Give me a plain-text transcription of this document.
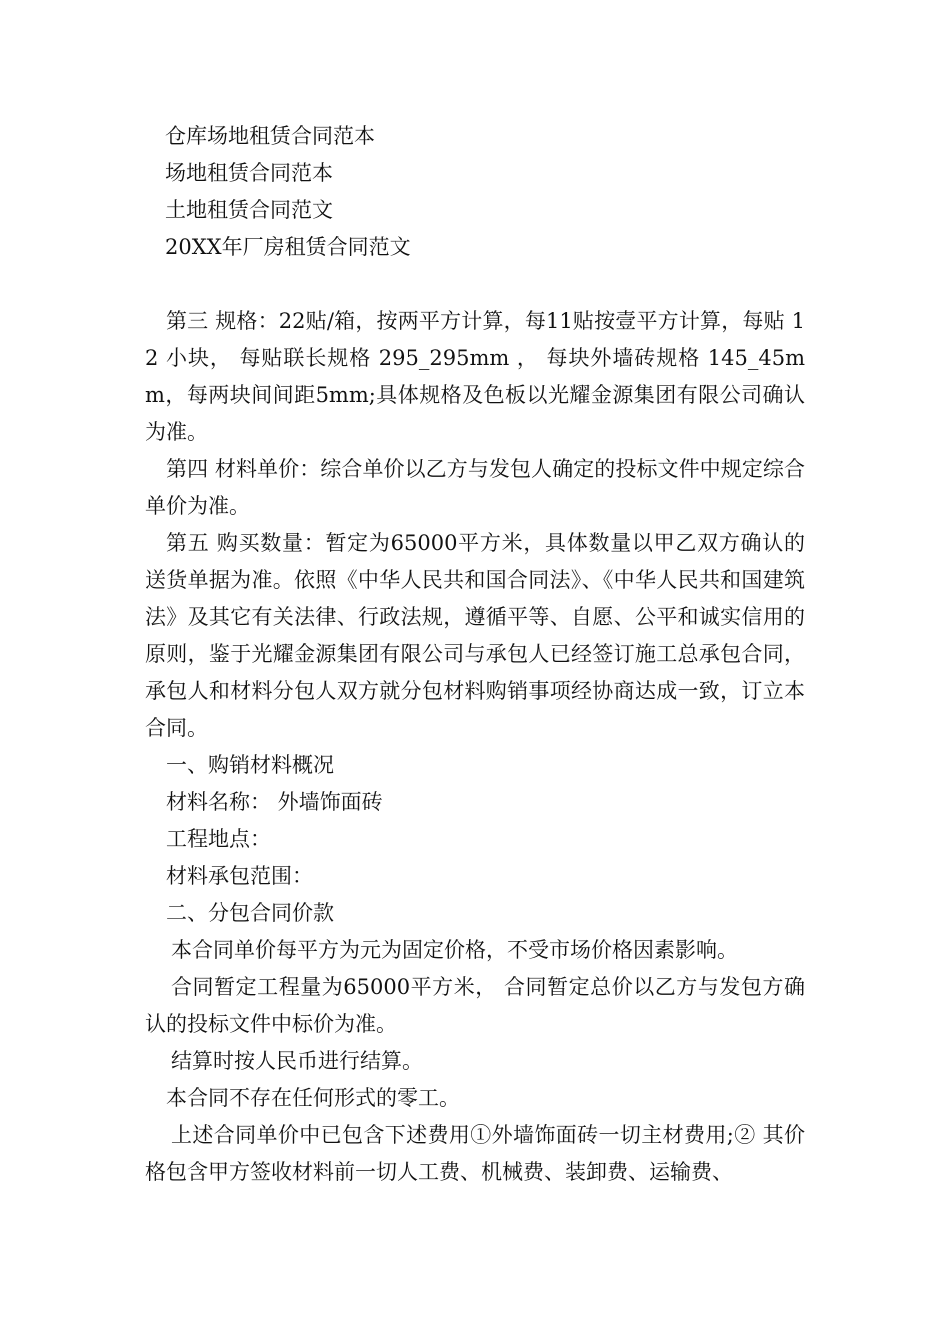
仓库场地租赁合同范本
场地租赁合同范本
土地租赁合同范文
20XX年厂房租赁合同范文

第三 规格：22贴/箱，按两平方计算，每11贴按壹平方计算，每贴 12 小块， 每贴联长规格 295_295mm ， 每块外墙砖规格 145_45mm，每两块间间距5mm;具体规格及色板以光耀金源集团有限公司确认为准。

第四 材料单价：综合单价以乙方与发包人确定的投标文件中规定综合单价为准。

第五 购买数量：暂定为65000平方米，具体数量以甲乙双方确认的送货单据为准。依照《中华人民共和国合同法》、《中华人民共和国建筑法》及其它有关法律、行政法规，遵循平等、自愿、公平和诚实信用的原则，鉴于光耀金源集团有限公司与承包人已经签订施工总承包合同，承包人和材料分包人双方就分包材料购销事项经协商达成一致，订立本合同。

一、购销材料概况

材料名称： 外墙饰面砖

工程地点：

材料承包范围：

二、分包合同价款

本合同单价每平方为元为固定价格，不受市场价格因素影响。

合同暂定工程量为65000平方米， 合同暂定总价以乙方与发包方确认的投标文件中标价为准。

结算时按人民币进行结算。

本合同不存在任何形式的零工。

上述合同单价中已包含下述费用①外墙饰面砖一切主材费用;② 其价格包含甲方签收材料前一切人工费、机械费、装卸费、运输费、
